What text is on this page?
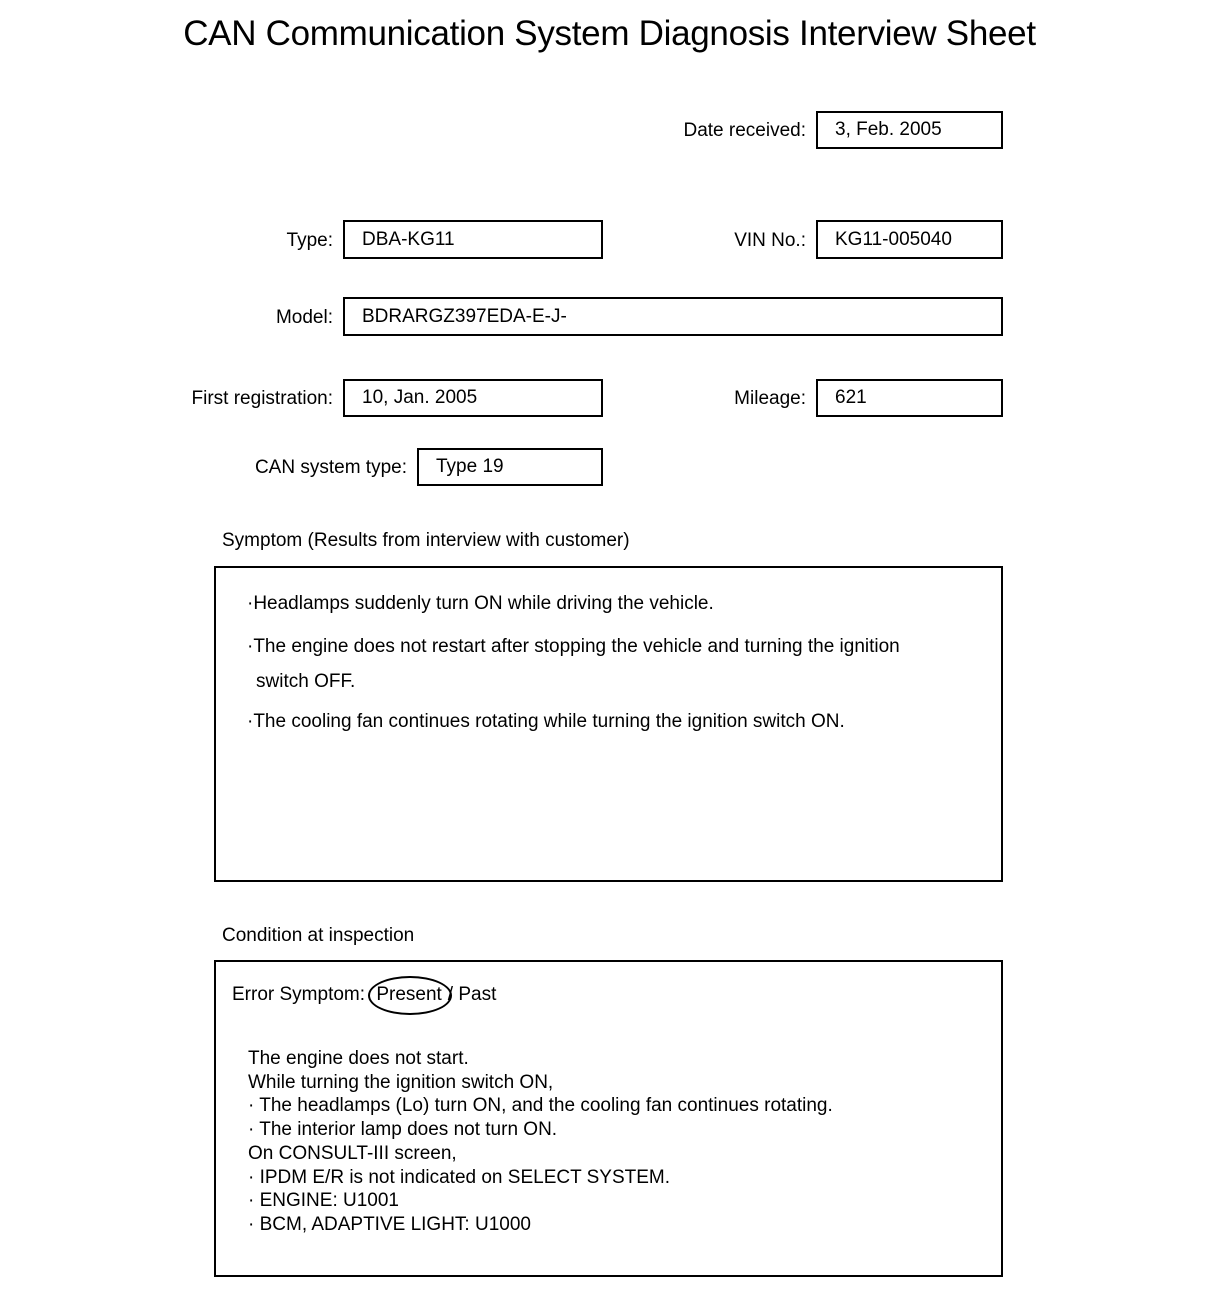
CAN Communication System Diagnosis Interview Sheet
Date received: 3, Feb. 2005
Type: DBA-KG11	VIN No.: KG11-005040
Model: BDRARGZ397EDA-E-J-
First registration: 10, Jan. 2005	Mileage: 621
CAN system type: Type 19
Symptom (Results from interview with customer)
·Headlamps suddenly turn ON while driving the vehicle.
·The engine does not restart after stopping the vehicle and turning the ignition
switch OFF.
·The cooling fan continues rotating while turning the ignition switch ON.
Condition at inspection
Error Symptom: Present / Past
The engine does not start.
While turning the ignition switch ON,
· The headlamps (Lo) turn ON, and the cooling fan continues rotating.
· The interior lamp does not turn ON.
On CONSULT-III screen,
· IPDM E/R is not indicated on SELECT SYSTEM.
· ENGINE: U1001
· BCM, ADAPTIVE LIGHT: U1000
